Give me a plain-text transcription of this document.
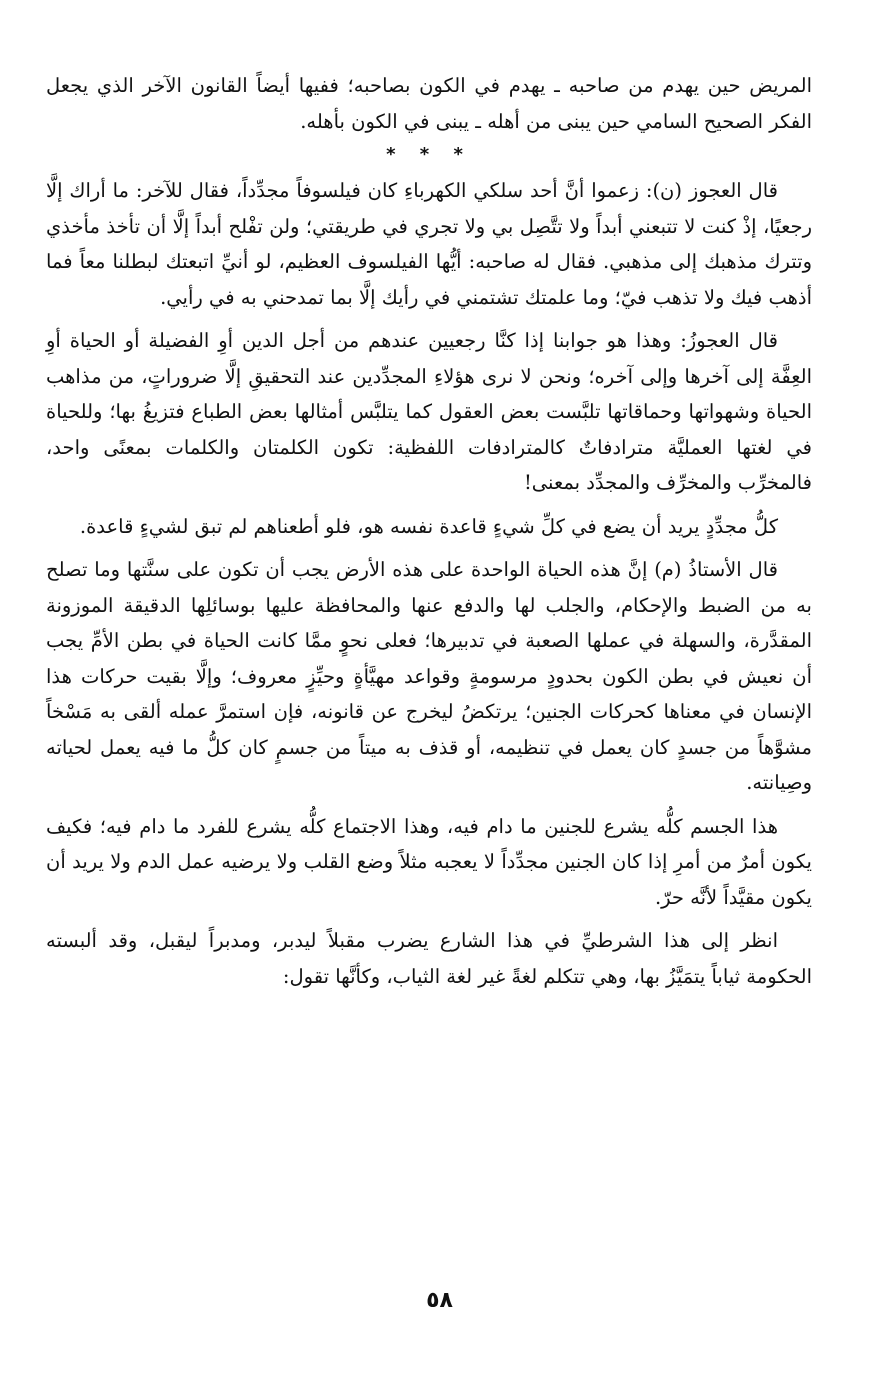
المريض حين يهدم من صاحبه ـ يهدم في الكون بصاحبه؛ ففيها أيضاً القانون الآخر الذي يجعل الفكر الصحيح السامي حين يبنى من أهله ـ يبنى في الكون بأهله.

* * *

قال العجوز (ن): زعموا أنَّ أحد سلكي الكهرباءِ كان فيلسوفاً مجدِّداً، فقال للآخر: ما أراك إلَّا رجعيًا، إذْ كنت لا تتبعني أبداً ولا تتَّصِل بي ولا تجري في طريقتي؛ ولن تفْلح أبداً إلَّا أن تأخذ مأخذي وتترك مذهبك إلى مذهبي. فقال له صاحبه: أيُّها الفيلسوف العظيم، لو أنيِّ اتبعتك لبطلنا معاً فما أذهب فيك ولا تذهب فيّ؛ وما علمتك تشتمني في رأيك إلَّا بما تمدحني به في رأيي.

قال العجوزُ: وهذا هو جوابنا إذا كنَّا رجعيين عندهم من أجل الدين أوِ الفضيلة أو الحياة أوِ العِفَّة إلى آخرها وإلى آخره؛ ونحن لا نرى هؤلاءِ المجدِّدين عند التحقيقِ إلَّا ضروراتٍ، من مذاهب الحياة وشهواتها وحماقاتها تلبَّست بعض العقول كما يتلبَّس أمثالها بعض الطباع فتزيغُ بها؛ وللحياة في لغتها العمليَّة مترادفاتٌ كالمترادفات اللفظية: تكون الكلمتان والكلمات بمعنًى واحد، فالمخرِّب والمخرِّف والمجدِّد بمعنى!

كلُّ مجدِّدٍ يريد أن يضع في كلِّ شيءٍ قاعدة نفسه هو، فلو أطعناهم لم تبق لشيءٍ قاعدة.

قال الأستاذُ (م) إنَّ هذه الحياة الواحدة على هذه الأرض يجب أن تكون على سنَّتها وما تصلح به من الضبط والإحكام، والجلب لها والدفع عنها والمحافظة عليها بوسائلِها الدقيقة الموزونة المقدَّرة، والسهلة في عملها الصعبة في تدبيرها؛ فعلى نحوٍ ممَّا كانت الحياة في بطن الأمِّ يجب أن نعيش في بطن الكون بحدودٍ مرسومةٍ وقواعد مهيَّأةٍ وحيِّزٍ معروف؛ وإلَّا بقيت حركات هذا الإنسان في معناها كحركات الجنين؛ يرتكضُ ليخرج عن قانونه، فإن استمرَّ عمله ألقى به مَسْخاً مشوَّهاً من جسدٍ كان يعمل في تنظيمه، أو قذف به ميتاً من جسمٍ كان كلُّ ما فيه يعمل لحياته وصِيانته.

هذا الجسم كلُّه يشرع للجنين ما دام فيه، وهذا الاجتماع كلُّه يشرع للفرد ما دام فيه؛ فكيف يكون أمرٌ من أمرِ إذا كان الجنين مجدِّداً لا يعجبه مثلاً وضع القلب ولا يرضيه عمل الدم ولا يريد أن يكون مقيَّداً لأنَّه حرّ.

انظر إلى هذا الشرطيِّ في هذا الشارع يضرب مقبلاً ليدبر، ومدبراً ليقبل، وقد ألبسته الحكومة ثياباً يتمَيَّزُ بها، وهي تتكلم لغةً غير لغة الثياب، وكأنَّها تقول:

٥٨
